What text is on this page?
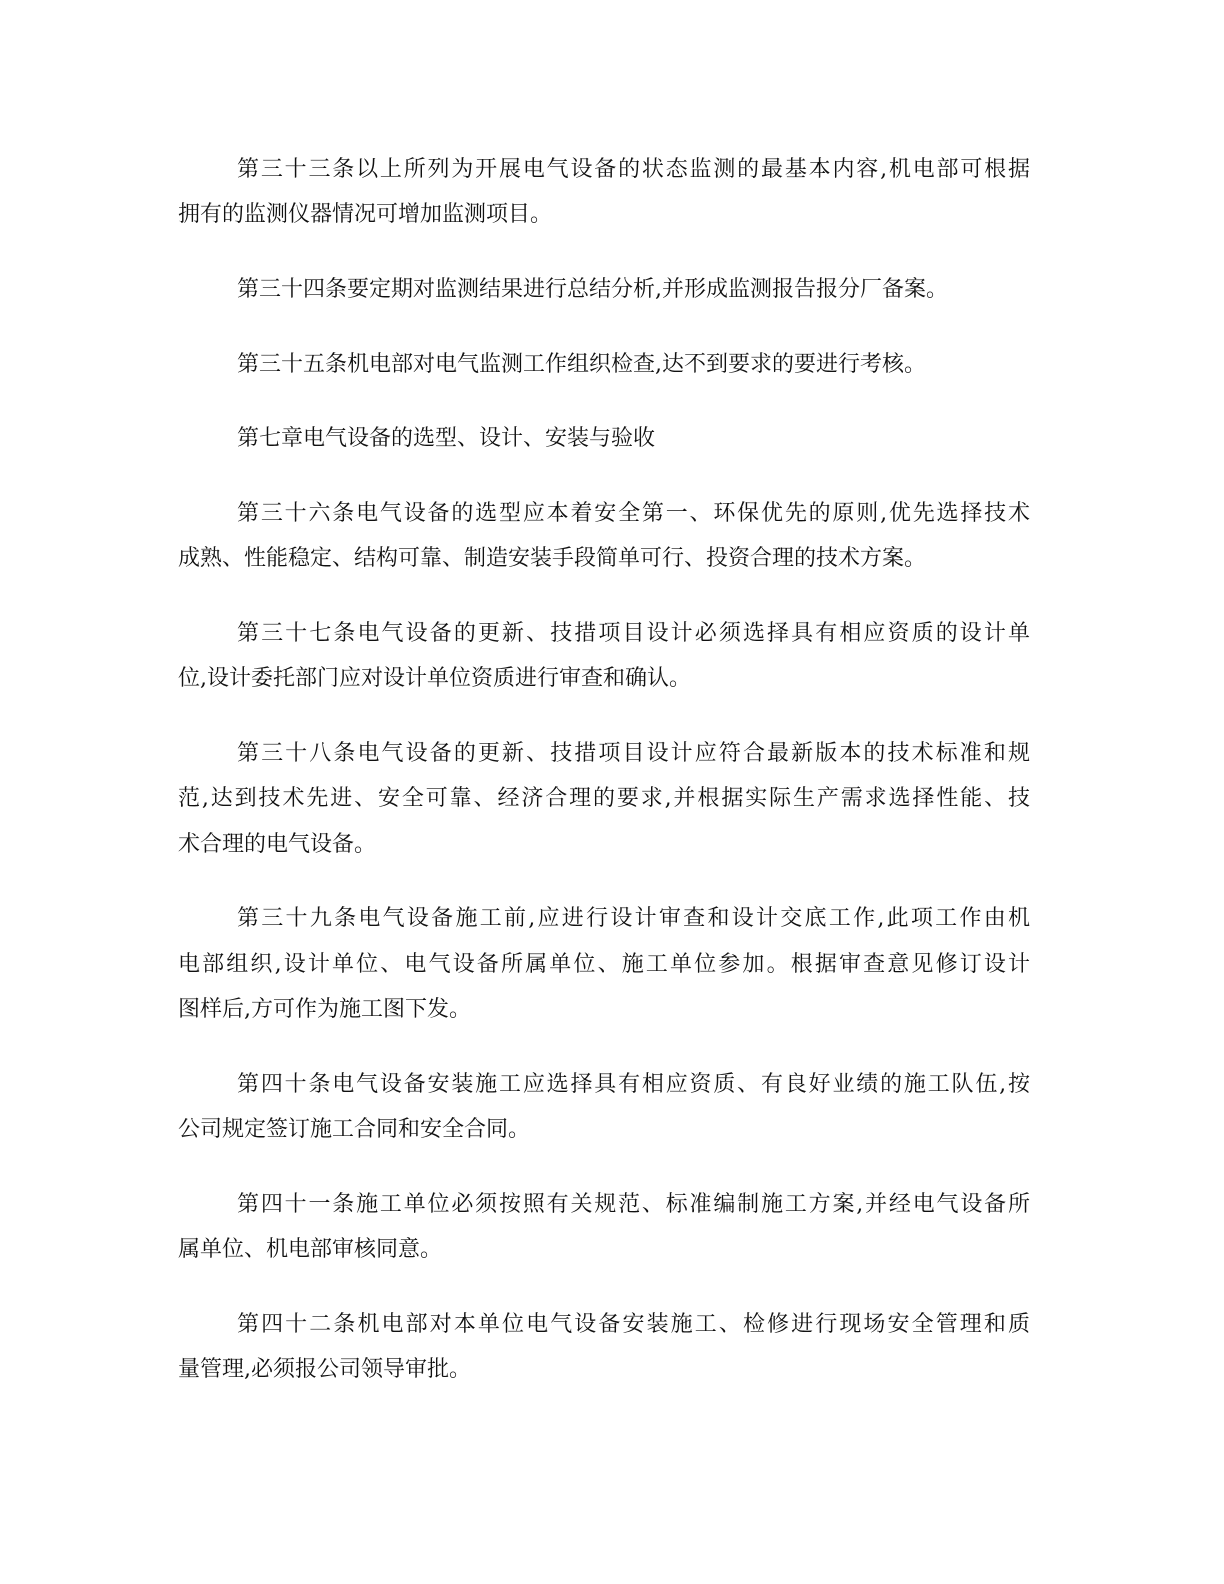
第三十三条以上所列为开展电气设备的状态监测的最基本内容,机电部可根据
拥有的监测仪器情况可增加监测项目。

第三十四条要定期对监测结果进行总结分析,并形成监测报告报分厂备案。

第三十五条机电部对电气监测工作组织检查,达不到要求的要进行考核。

第七章电气设备的选型、设计、安装与验收

第三十六条电气设备的选型应本着安全第一、环保优先的原则,优先选择技术
成熟、性能稳定、结构可靠、制造安装手段简单可行、投资合理的技术方案。

第三十七条电气设备的更新、技措项目设计必须选择具有相应资质的设计单
位,设计委托部门应对设计单位资质进行审查和确认。

第三十八条电气设备的更新、技措项目设计应符合最新版本的技术标准和规
范,达到技术先进、安全可靠、经济合理的要求,并根据实际生产需求选择性能、技
术合理的电气设备。

第三十九条电气设备施工前,应进行设计审查和设计交底工作,此项工作由机
电部组织,设计单位、电气设备所属单位、施工单位参加。根据审查意见修订设计
图样后,方可作为施工图下发。

第四十条电气设备安装施工应选择具有相应资质、有良好业绩的施工队伍,按
公司规定签订施工合同和安全合同。

第四十一条施工单位必须按照有关规范、标准编制施工方案,并经电气设备所
属单位、机电部审核同意。

第四十二条机电部对本单位电气设备安装施工、检修进行现场安全管理和质
量管理,必须报公司领导审批。
